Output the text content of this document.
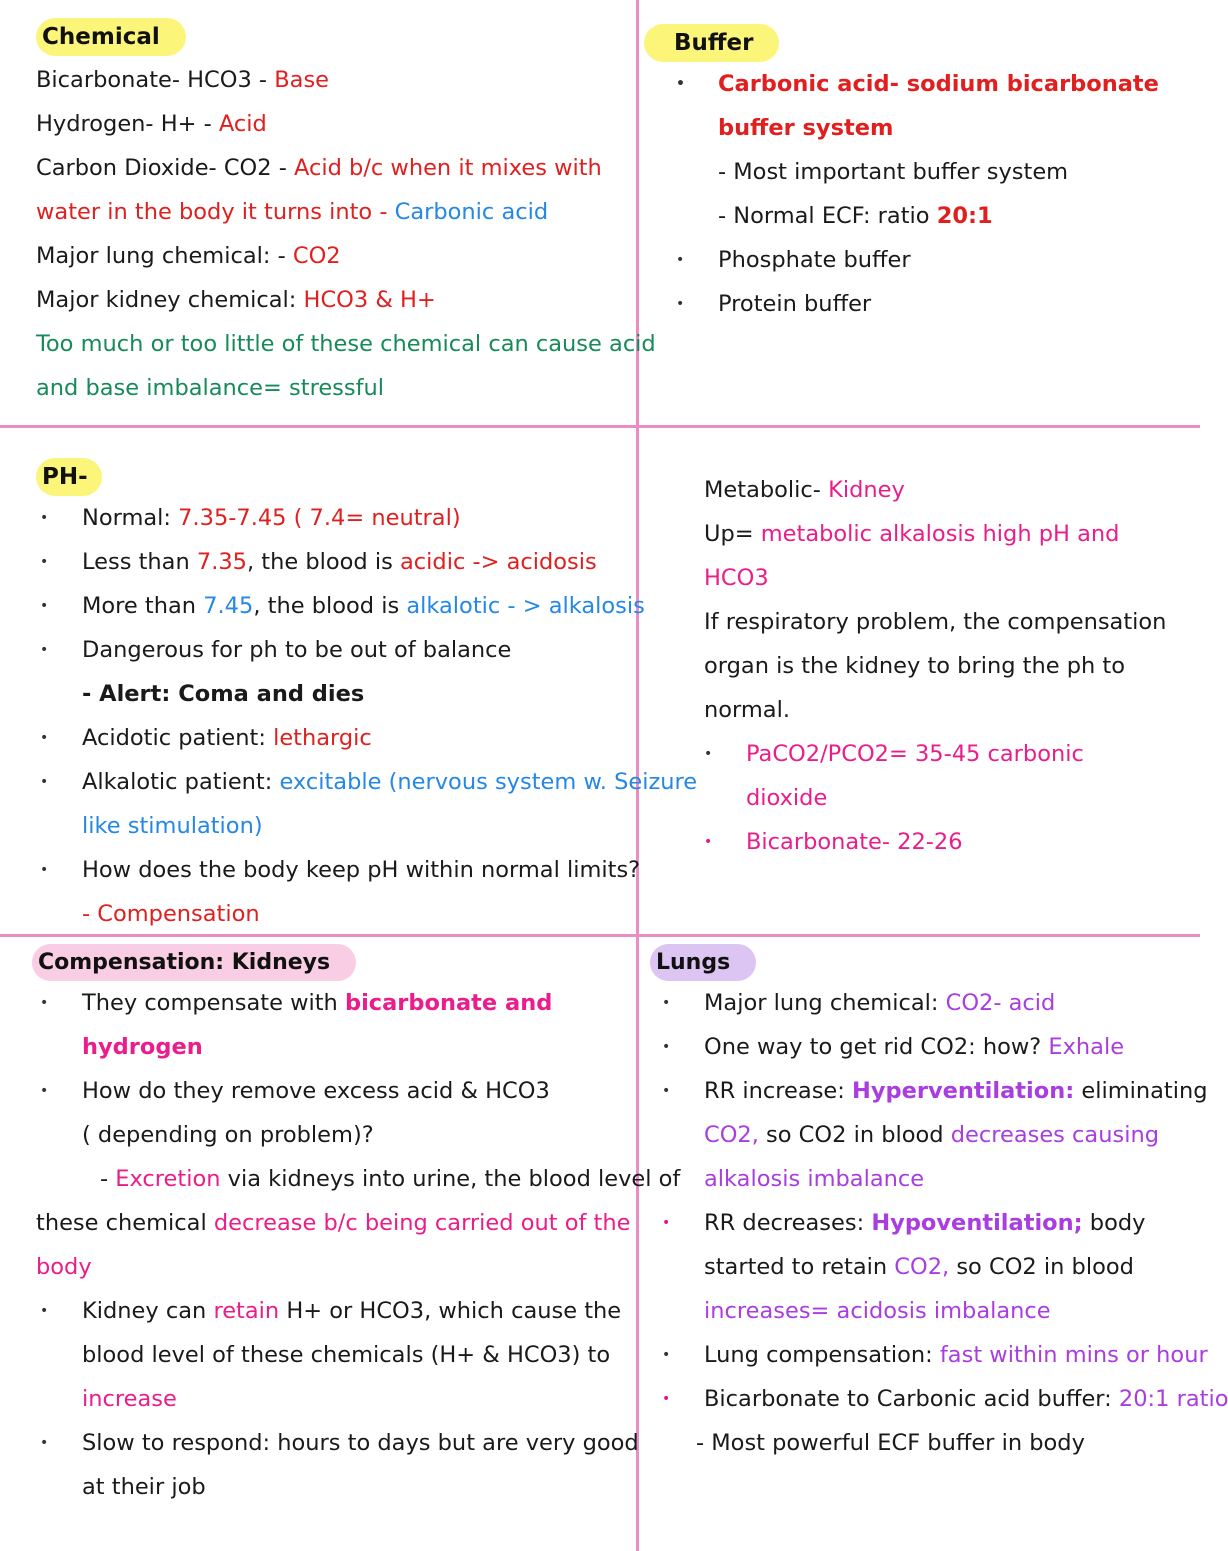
Chemical
Bicarbonate- HCO3 - Base
Hydrogen- H+ - Acid
Carbon Dioxide- CO2 - Acid b/c when it mixes with
water in the body it turns into - Carbonic acid
Major lung chemical: - CO2
Major kidney chemical: HCO3 & H+
Too much or too little of these chemical can cause acid
and base imbalance= stressful
Buffer
• Carbonic acid- sodium bicarbonate
buffer system
- Most important buffer system
- Normal ECF: ratio 20:1
• Phosphate buffer
• Protein buffer
PH-
• Normal: 7.35-7.45 ( 7.4= neutral)
• Less than 7.35, the blood is acidic -> acidosis
• More than 7.45, the blood is alkalotic - > alkalosis
• Dangerous for ph to be out of balance
- Alert: Coma and dies
• Acidotic patient: lethargic
• Alkalotic patient: excitable (nervous system w. Seizure
like stimulation)
• How does the body keep pH within normal limits?
- Compensation
Metabolic- Kidney
Up= metabolic alkalosis high pH and
HCO3
If respiratory problem, the compensation
organ is the kidney to bring the ph to
normal.
• PaCO2/PCO2= 35-45 carbonic
dioxide
• Bicarbonate- 22-26
Compensation: Kidneys
• They compensate with bicarbonate and
hydrogen
• How do they remove excess acid & HCO3
( depending on problem)?
- Excretion via kidneys into urine, the blood level of
these chemical decrease b/c being carried out of the
body
• Kidney can retain H+ or HCO3, which cause the
blood level of these chemicals (H+ & HCO3) to
increase
• Slow to respond: hours to days but are very good
at their job
Lungs
• Major lung chemical: CO2- acid
• One way to get rid CO2: how? Exhale
• RR increase: Hyperventilation: eliminating
CO2, so CO2 in blood decreases causing
alkalosis imbalance
• RR decreases: Hypoventilation; body
started to retain CO2, so CO2 in blood
increases= acidosis imbalance
• Lung compensation: fast within mins or hour
• Bicarbonate to Carbonic acid buffer: 20:1 ratio
- Most powerful ECF buffer in body
